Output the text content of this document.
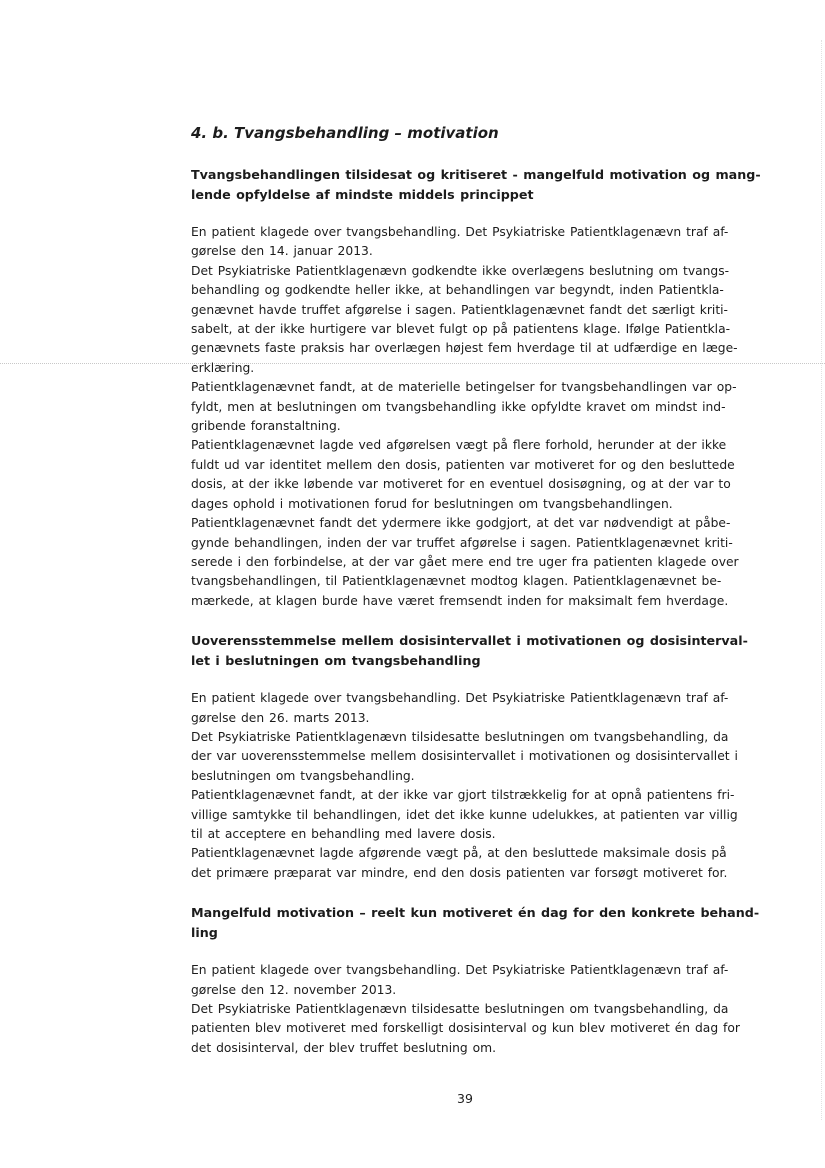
4. b. Tvangsbehandling – motivation
Tvangsbehandlingen tilsidesat og kritiseret - mangelfuld motivation og mang-
lende opfyldelse af mindste middels princippet
En patient klagede over tvangsbehandling. Det Psykiatriske Patientklagenævn traf af-
gørelse den 14. januar 2013.
Det Psykiatriske Patientklagenævn godkendte ikke overlægens beslutning om tvangs-
behandling og godkendte heller ikke, at behandlingen var begyndt, inden Patientkla-
genævnet havde truffet afgørelse i sagen. Patientklagenævnet fandt det særligt kriti-
sabelt, at der ikke hurtigere var blevet fulgt op på patientens klage. Ifølge Patientkla-
genævnets faste praksis har overlægen højest fem hverdage til at udfærdige en læge-
erklæring.
Patientklagenævnet fandt, at de materielle betingelser for tvangsbehandlingen var op-
fyldt, men at beslutningen om tvangsbehandling ikke opfyldte kravet om mindst ind-
gribende foranstaltning.
Patientklagenævnet lagde ved afgørelsen vægt på flere forhold, herunder at der ikke
fuldt ud var identitet mellem den dosis, patienten var motiveret for og den besluttede
dosis, at der ikke løbende var motiveret for en eventuel dosisøgning, og at der var to
dages ophold i motivationen forud for beslutningen om tvangsbehandlingen.
Patientklagenævnet fandt det ydermere ikke godgjort, at det var nødvendigt at påbe-
gynde behandlingen, inden der var truffet afgørelse i sagen. Patientklagenævnet kriti-
serede i den forbindelse, at der var gået mere end tre uger fra patienten klagede over
tvangsbehandlingen, til Patientklagenævnet modtog klagen. Patientklagenævnet be-
mærkede, at klagen burde have været fremsendt inden for maksimalt fem hverdage.
Uoverensstemmelse mellem dosisintervallet i motivationen og dosisinterval-
let i beslutningen om tvangsbehandling
En patient klagede over tvangsbehandling. Det Psykiatriske Patientklagenævn traf af-
gørelse den 26. marts 2013.
Det Psykiatriske Patientklagenævn tilsidesatte beslutningen om tvangsbehandling, da
der var uoverensstemmelse mellem dosisintervallet i motivationen og dosisintervallet i
beslutningen om tvangsbehandling.
Patientklagenævnet fandt, at der ikke var gjort tilstrækkelig for at opnå patientens fri-
villige samtykke til behandlingen, idet det ikke kunne udelukkes, at patienten var villig
til at acceptere en behandling med lavere dosis.
Patientklagenævnet lagde afgørende vægt på, at den besluttede maksimale dosis på
det primære præparat var mindre, end den dosis patienten var forsøgt motiveret for.
Mangelfuld motivation – reelt kun motiveret én dag for den konkrete behand-
ling
En patient klagede over tvangsbehandling. Det Psykiatriske Patientklagenævn traf af-
gørelse den 12. november 2013.
Det Psykiatriske Patientklagenævn tilsidesatte beslutningen om tvangsbehandling, da
patienten blev motiveret med forskelligt dosisinterval og kun blev motiveret én dag for
det dosisinterval, der blev truffet beslutning om.
39
